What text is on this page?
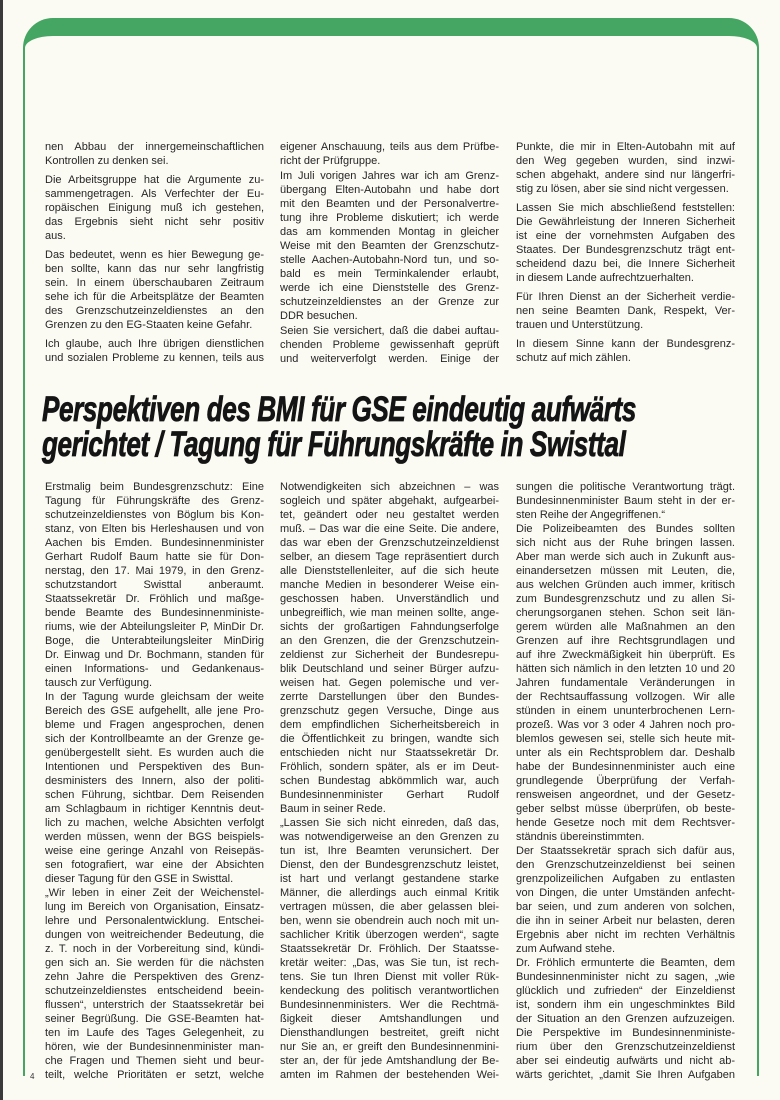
nen Abbau der innergemeinschaftlichen
Kontrollen zu denken sei.
Die Arbeitsgruppe hat die Argumente zu-
sammengetragen. Als Verfechter der Eu-
ropäischen Einigung muß ich gestehen,
das Ergebnis sieht nicht sehr positiv
aus.
Das bedeutet, wenn es hier Bewegung ge-
ben sollte, kann das nur sehr langfristig
sein. In einem überschaubaren Zeitraum
sehe ich für die Arbeitsplätze der Beamten
des Grenzschutzeinzeldienstes an den
Grenzen zu den EG-Staaten keine Gefahr.
Ich glaube, auch Ihre übrigen dienstlichen
und sozialen Probleme zu kennen, teils aus
eigener Anschauung, teils aus dem Prüfbe-
richt der Prüfgruppe.
Im Juli vorigen Jahres war ich am Grenz-
übergang Elten-Autobahn und habe dort
mit den Beamten und der Personalvertre-
tung ihre Probleme diskutiert; ich werde
das am kommenden Montag in gleicher
Weise mit den Beamten der Grenzschutz-
stelle Aachen-Autobahn-Nord tun, und so-
bald es mein Terminkalender erlaubt,
werde ich eine Dienststelle des Grenz-
schutzeinzeldienstes an der Grenze zur
DDR besuchen.
Seien Sie versichert, daß die dabei auftau-
chenden Probleme gewissenhaft geprüft
und weiterverfolgt werden. Einige der
Punkte, die mir in Elten-Autobahn mit auf
den Weg gegeben wurden, sind inzwi-
schen abgehakt, andere sind nur längerfri-
stig zu lösen, aber sie sind nicht vergessen.
Lassen Sie mich abschließend feststellen:
Die Gewährleistung der Inneren Sicherheit
ist eine der vornehmsten Aufgaben des
Staates. Der Bundesgrenzschutz trägt ent-
scheidend dazu bei, die Innere Sicherheit
in diesem Lande aufrechtzuerhalten.
Für Ihren Dienst an der Sicherheit verdie-
nen seine Beamten Dank, Respekt, Ver-
trauen und Unterstützung.
In diesem Sinne kann der Bundesgrenz-
schutz auf mich zählen.
Perspektiven des BMI für GSE eindeutig aufwärts
gerichtet / Tagung für Führungskräfte in Swisttal
Erstmalig beim Bundesgrenzschutz: Eine
Tagung für Führungskräfte des Grenz-
schutzeinzeldienstes von Böglum bis Kon-
stanz, von Elten bis Herleshausen und von
Aachen bis Emden. Bundesinnenminister
Gerhart Rudolf Baum hatte sie für Don-
nerstag, den 17. Mai 1979, in den Grenz-
schutzstandort Swisttal anberaumt.
Staatssekretär Dr. Fröhlich und maßge-
bende Beamte des Bundesinnenministe-
riums, wie der Abteilungsleiter P, MinDir Dr.
Boge, die Unterabteilungsleiter MinDirig
Dr. Einwag und Dr. Bochmann, standen für
einen Informations- und Gedankenaus-
tausch zur Verfügung.
In der Tagung wurde gleichsam der weite
Bereich des GSE aufgehellt, alle jene Pro-
bleme und Fragen angesprochen, denen
sich der Kontrollbeamte an der Grenze ge-
genübergestellt sieht. Es wurden auch die
Intentionen und Perspektiven des Bun-
desministers des Innern, also der politi-
schen Führung, sichtbar. Dem Reisenden
am Schlagbaum in richtiger Kenntnis deut-
lich zu machen, welche Absichten verfolgt
werden müssen, wenn der BGS beispiels-
weise eine geringe Anzahl von Reisepäs-
sen fotografiert, war eine der Absichten
dieser Tagung für den GSE in Swisttal.
„Wir leben in einer Zeit der Weichenstel-
lung im Bereich von Organisation, Einsatz-
lehre und Personalentwicklung. Entschei-
dungen von weitreichender Bedeutung, die
z. T. noch in der Vorbereitung sind, kündi-
gen sich an. Sie werden für die nächsten
zehn Jahre die Perspektiven des Grenz-
schutzeinzeldienstes entscheidend beein-
flussen“, unterstrich der Staatssekretär bei
seiner Begrüßung. Die GSE-Beamten hat-
ten im Laufe des Tages Gelegenheit, zu
hören, wie der Bundesinnenminister man-
che Fragen und Themen sieht und beur-
teilt, welche Prioritäten er setzt, welche
Notwendigkeiten sich abzeichnen – was
sogleich und später abgehakt, aufgearbei-
tet, geändert oder neu gestaltet werden
muß. – Das war die eine Seite. Die andere,
das war eben der Grenzschutzeinzeldienst
selber, an diesem Tage repräsentiert durch
alle Dienststellenleiter, auf die sich heute
manche Medien in besonderer Weise ein-
geschossen haben. Unverständlich und
unbegreiflich, wie man meinen sollte, ange-
sichts der großartigen Fahndungserfolge
an den Grenzen, die der Grenzschutzein-
zeldienst zur Sicherheit der Bundesrepu-
blik Deutschland und seiner Bürger aufzu-
weisen hat. Gegen polemische und ver-
zerrte Darstellungen über den Bundes-
grenzschutz gegen Versuche, Dinge aus
dem empfindlichen Sicherheitsbereich in
die Öffentlichkeit zu bringen, wandte sich
entschieden nicht nur Staatssekretär Dr.
Fröhlich, sondern später, als er im Deut-
schen Bundestag abkömmlich war, auch
Bundesinnenminister Gerhart Rudolf
Baum in seiner Rede.
„Lassen Sie sich nicht einreden, daß das,
was notwendigerweise an den Grenzen zu
tun ist, Ihre Beamten verunsichert. Der
Dienst, den der Bundesgrenzschutz leistet,
ist hart und verlangt gestandene starke
Männer, die allerdings auch einmal Kritik
vertragen müssen, die aber gelassen blei-
ben, wenn sie obendrein auch noch mit un-
sachlicher Kritik überzogen werden“, sagte
Staatssekretär Dr. Fröhlich. Der Staatsse-
kretär weiter: „Das, was Sie tun, ist rech-
tens. Sie tun Ihren Dienst mit voller Rük-
kendeckung des politisch verantwortlichen
Bundesinnenministers. Wer die Rechtmä-
ßigkeit dieser Amtshandlungen und
Diensthandlungen bestreitet, greift nicht
nur Sie an, er greift den Bundesinnenmini-
ster an, der für jede Amtshandlung der Be-
amten im Rahmen der bestehenden Wei-
sungen die politische Verantwortung trägt.
Bundesinnenminister Baum steht in der er-
sten Reihe der Angegriffenen.“
Die Polizeibeamten des Bundes sollten
sich nicht aus der Ruhe bringen lassen.
Aber man werde sich auch in Zukunft aus-
einandersetzen müssen mit Leuten, die,
aus welchen Gründen auch immer, kritisch
zum Bundesgrenzschutz und zu allen Si-
cherungsorganen stehen. Schon seit län-
gerem würden alle Maßnahmen an den
Grenzen auf ihre Rechtsgrundlagen und
auf ihre Zweckmäßigkeit hin überprüft. Es
hätten sich nämlich in den letzten 10 und 20
Jahren fundamentale Veränderungen in
der Rechtsauffassung vollzogen. Wir alle
stünden in einem ununterbrochenen Lern-
prozeß. Was vor 3 oder 4 Jahren noch pro-
blemlos gewesen sei, stelle sich heute mit-
unter als ein Rechtsproblem dar. Deshalb
habe der Bundesinnenminister auch eine
grundlegende Überprüfung der Verfah-
rensweisen angeordnet, und der Gesetz-
geber selbst müsse überprüfen, ob beste-
hende Gesetze noch mit dem Rechtsver-
ständnis übereinstimmten.
Der Staatssekretär sprach sich dafür aus,
den Grenzschutzeinzeldienst bei seinen
grenzpolizeilichen Aufgaben zu entlasten
von Dingen, die unter Umständen anfecht-
bar seien, und zum anderen von solchen,
die ihn in seiner Arbeit nur belasten, deren
Ergebnis aber nicht im rechten Verhältnis
zum Aufwand stehe.
Dr. Fröhlich ermunterte die Beamten, dem
Bundesinnenminister nicht zu sagen, „wie
glücklich und zufrieden“ der Einzeldienst
ist, sondern ihm ein ungeschminktes Bild
der Situation an den Grenzen aufzuzeigen.
Die Perspektive im Bundesinnenministe-
rium über den Grenzschutzeinzeldienst
aber sei eindeutig aufwärts und nicht ab-
wärts gerichtet, „damit Sie Ihren Aufgaben
4
